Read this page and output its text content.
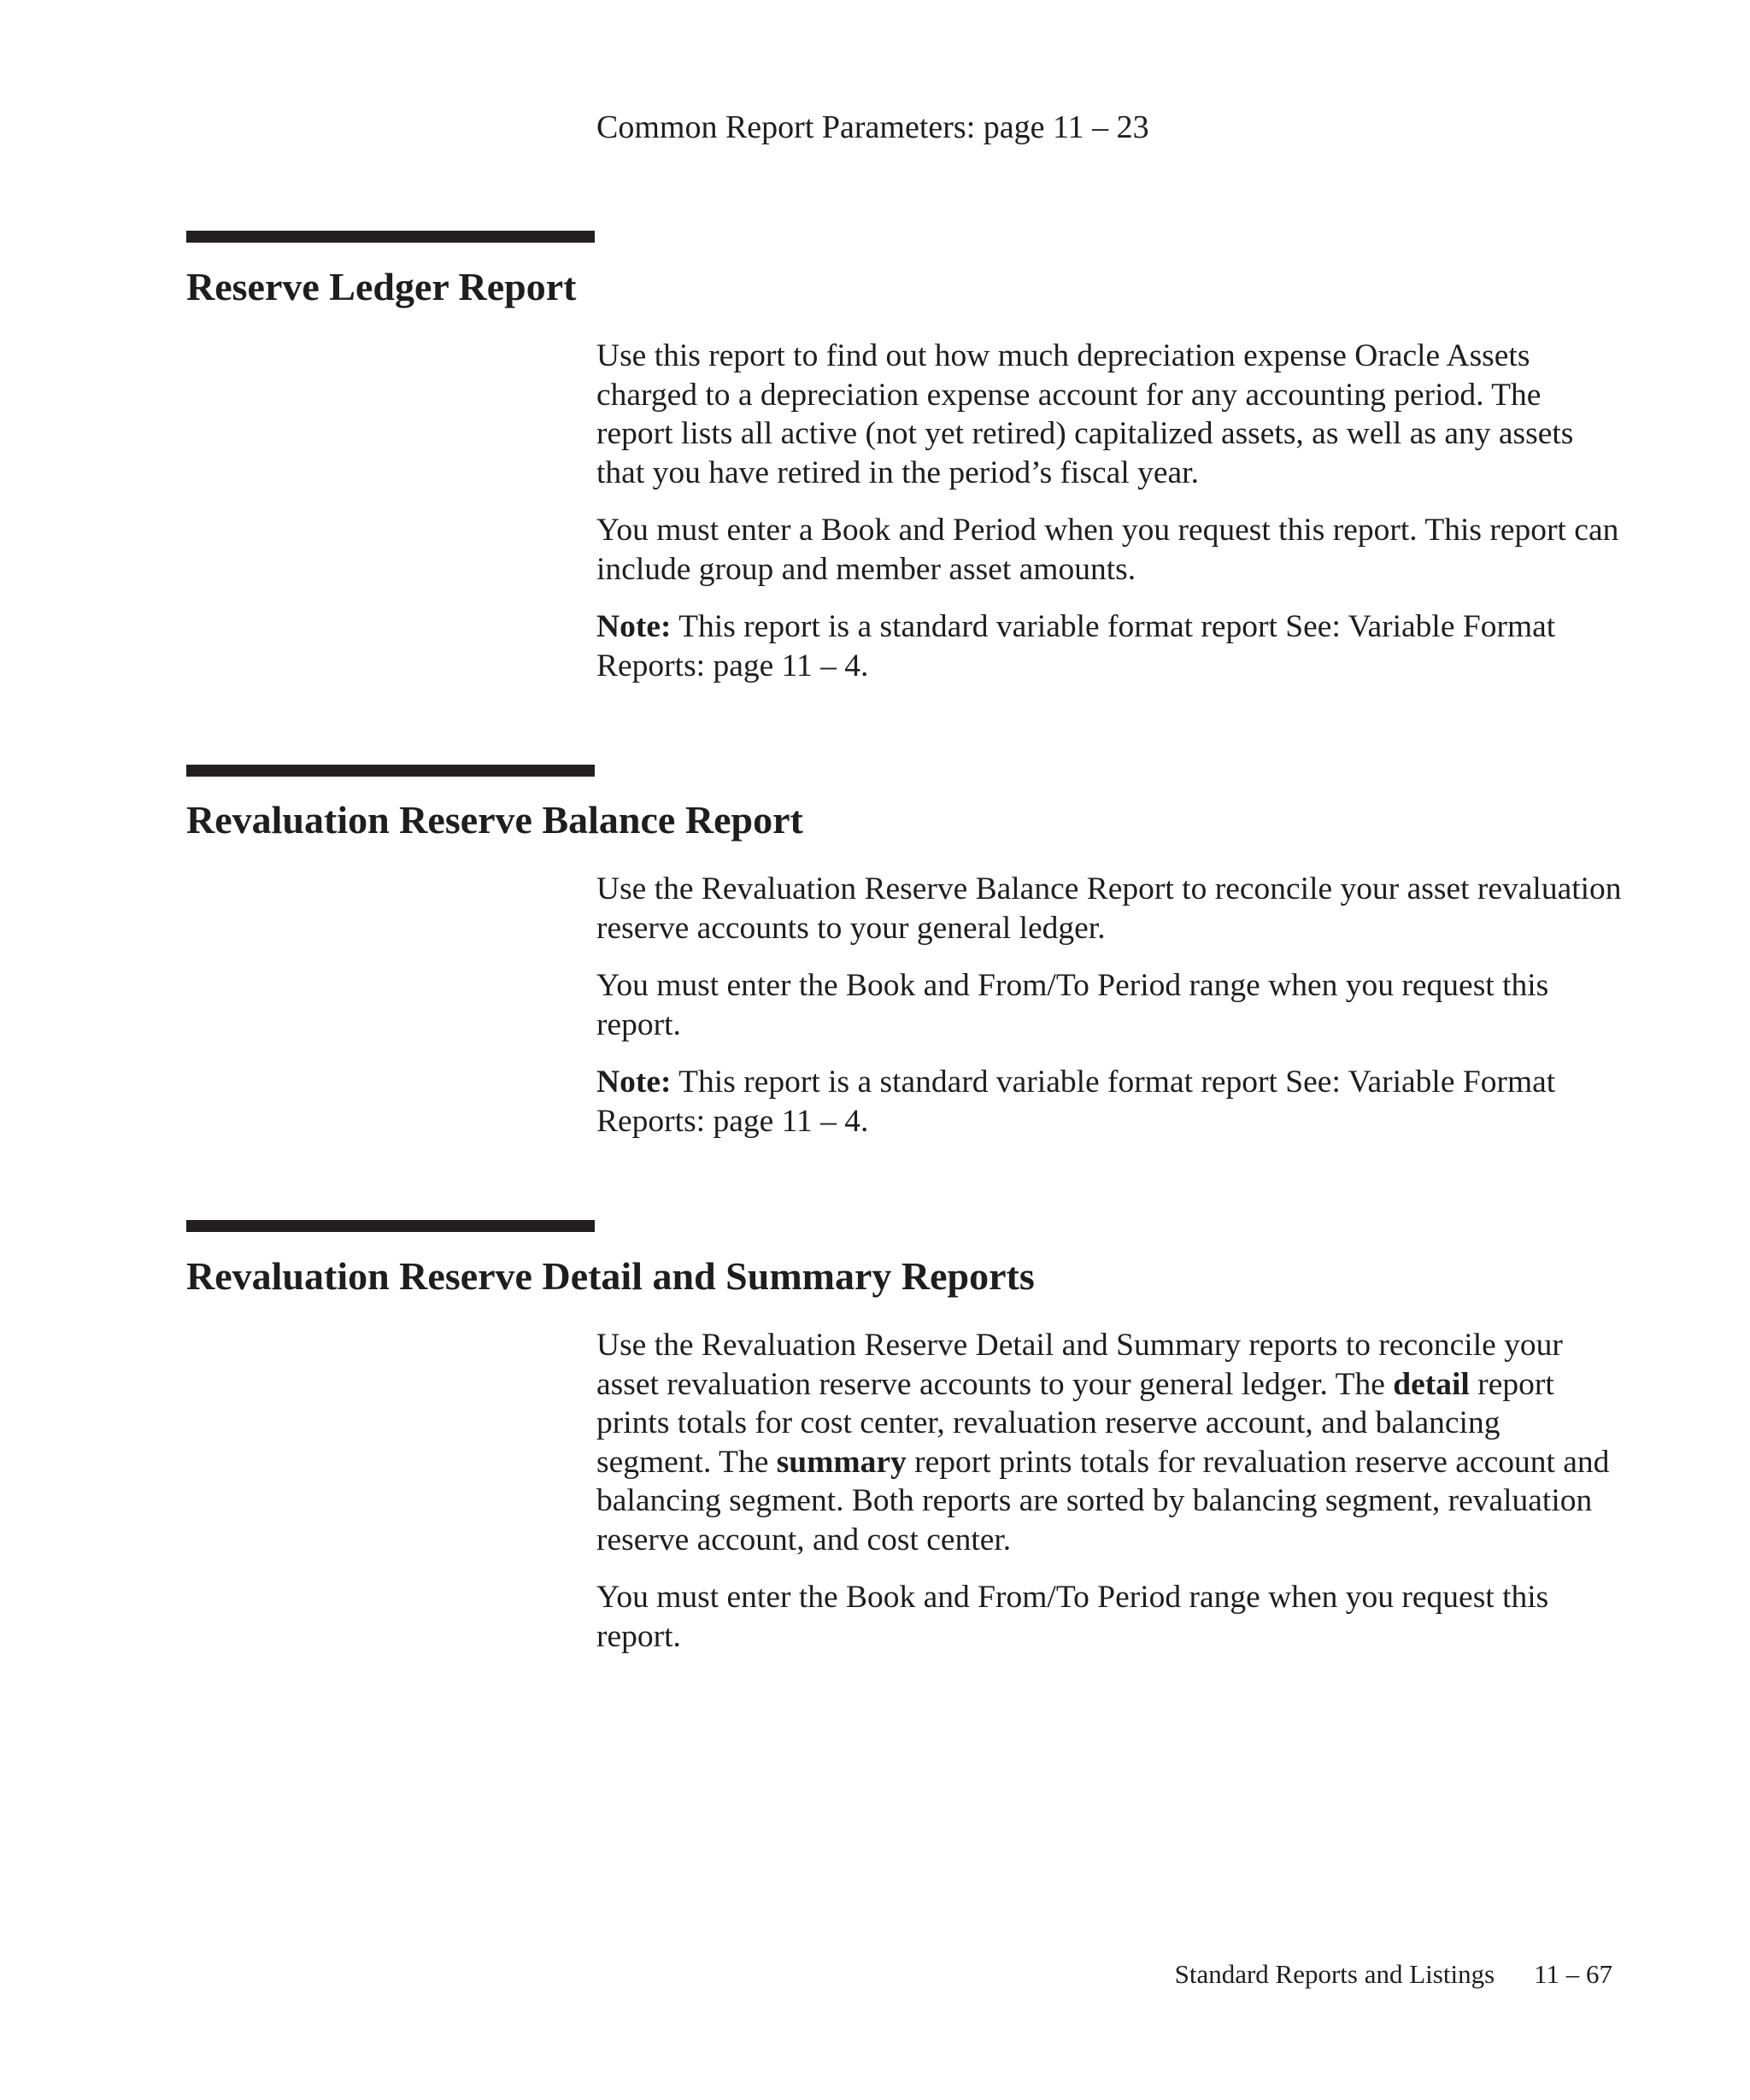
Common Report Parameters: page 11 – 23
Reserve Ledger Report

Use this report to find out how much depreciation expense Oracle Assets charged to a depreciation expense account for any accounting period. The report lists all active (not yet retired) capitalized assets, as well as any assets that you have retired in the period’s fiscal year.

You must enter a Book and Period when you request this report. This report can include group and member asset amounts.

Note: This report is a standard variable format report See: Variable Format Reports: page 11 – 4.

Revaluation Reserve Balance Report

Use the Revaluation Reserve Balance Report to reconcile your asset revaluation reserve accounts to your general ledger.

You must enter the Book and From/To Period range when you request this report.

Note: This report is a standard variable format report See: Variable Format Reports: page 11 – 4.

Revaluation Reserve Detail and Summary Reports

Use the Revaluation Reserve Detail and Summary reports to reconcile your asset revaluation reserve accounts to your general ledger. The detail report prints totals for cost center, revaluation reserve account, and balancing segment. The summary report prints totals for revaluation reserve account and balancing segment. Both reports are sorted by balancing segment, revaluation reserve account, and cost center.

You must enter the Book and From/To Period range when you request this report.

Standard Reports and Listings 11 – 67
